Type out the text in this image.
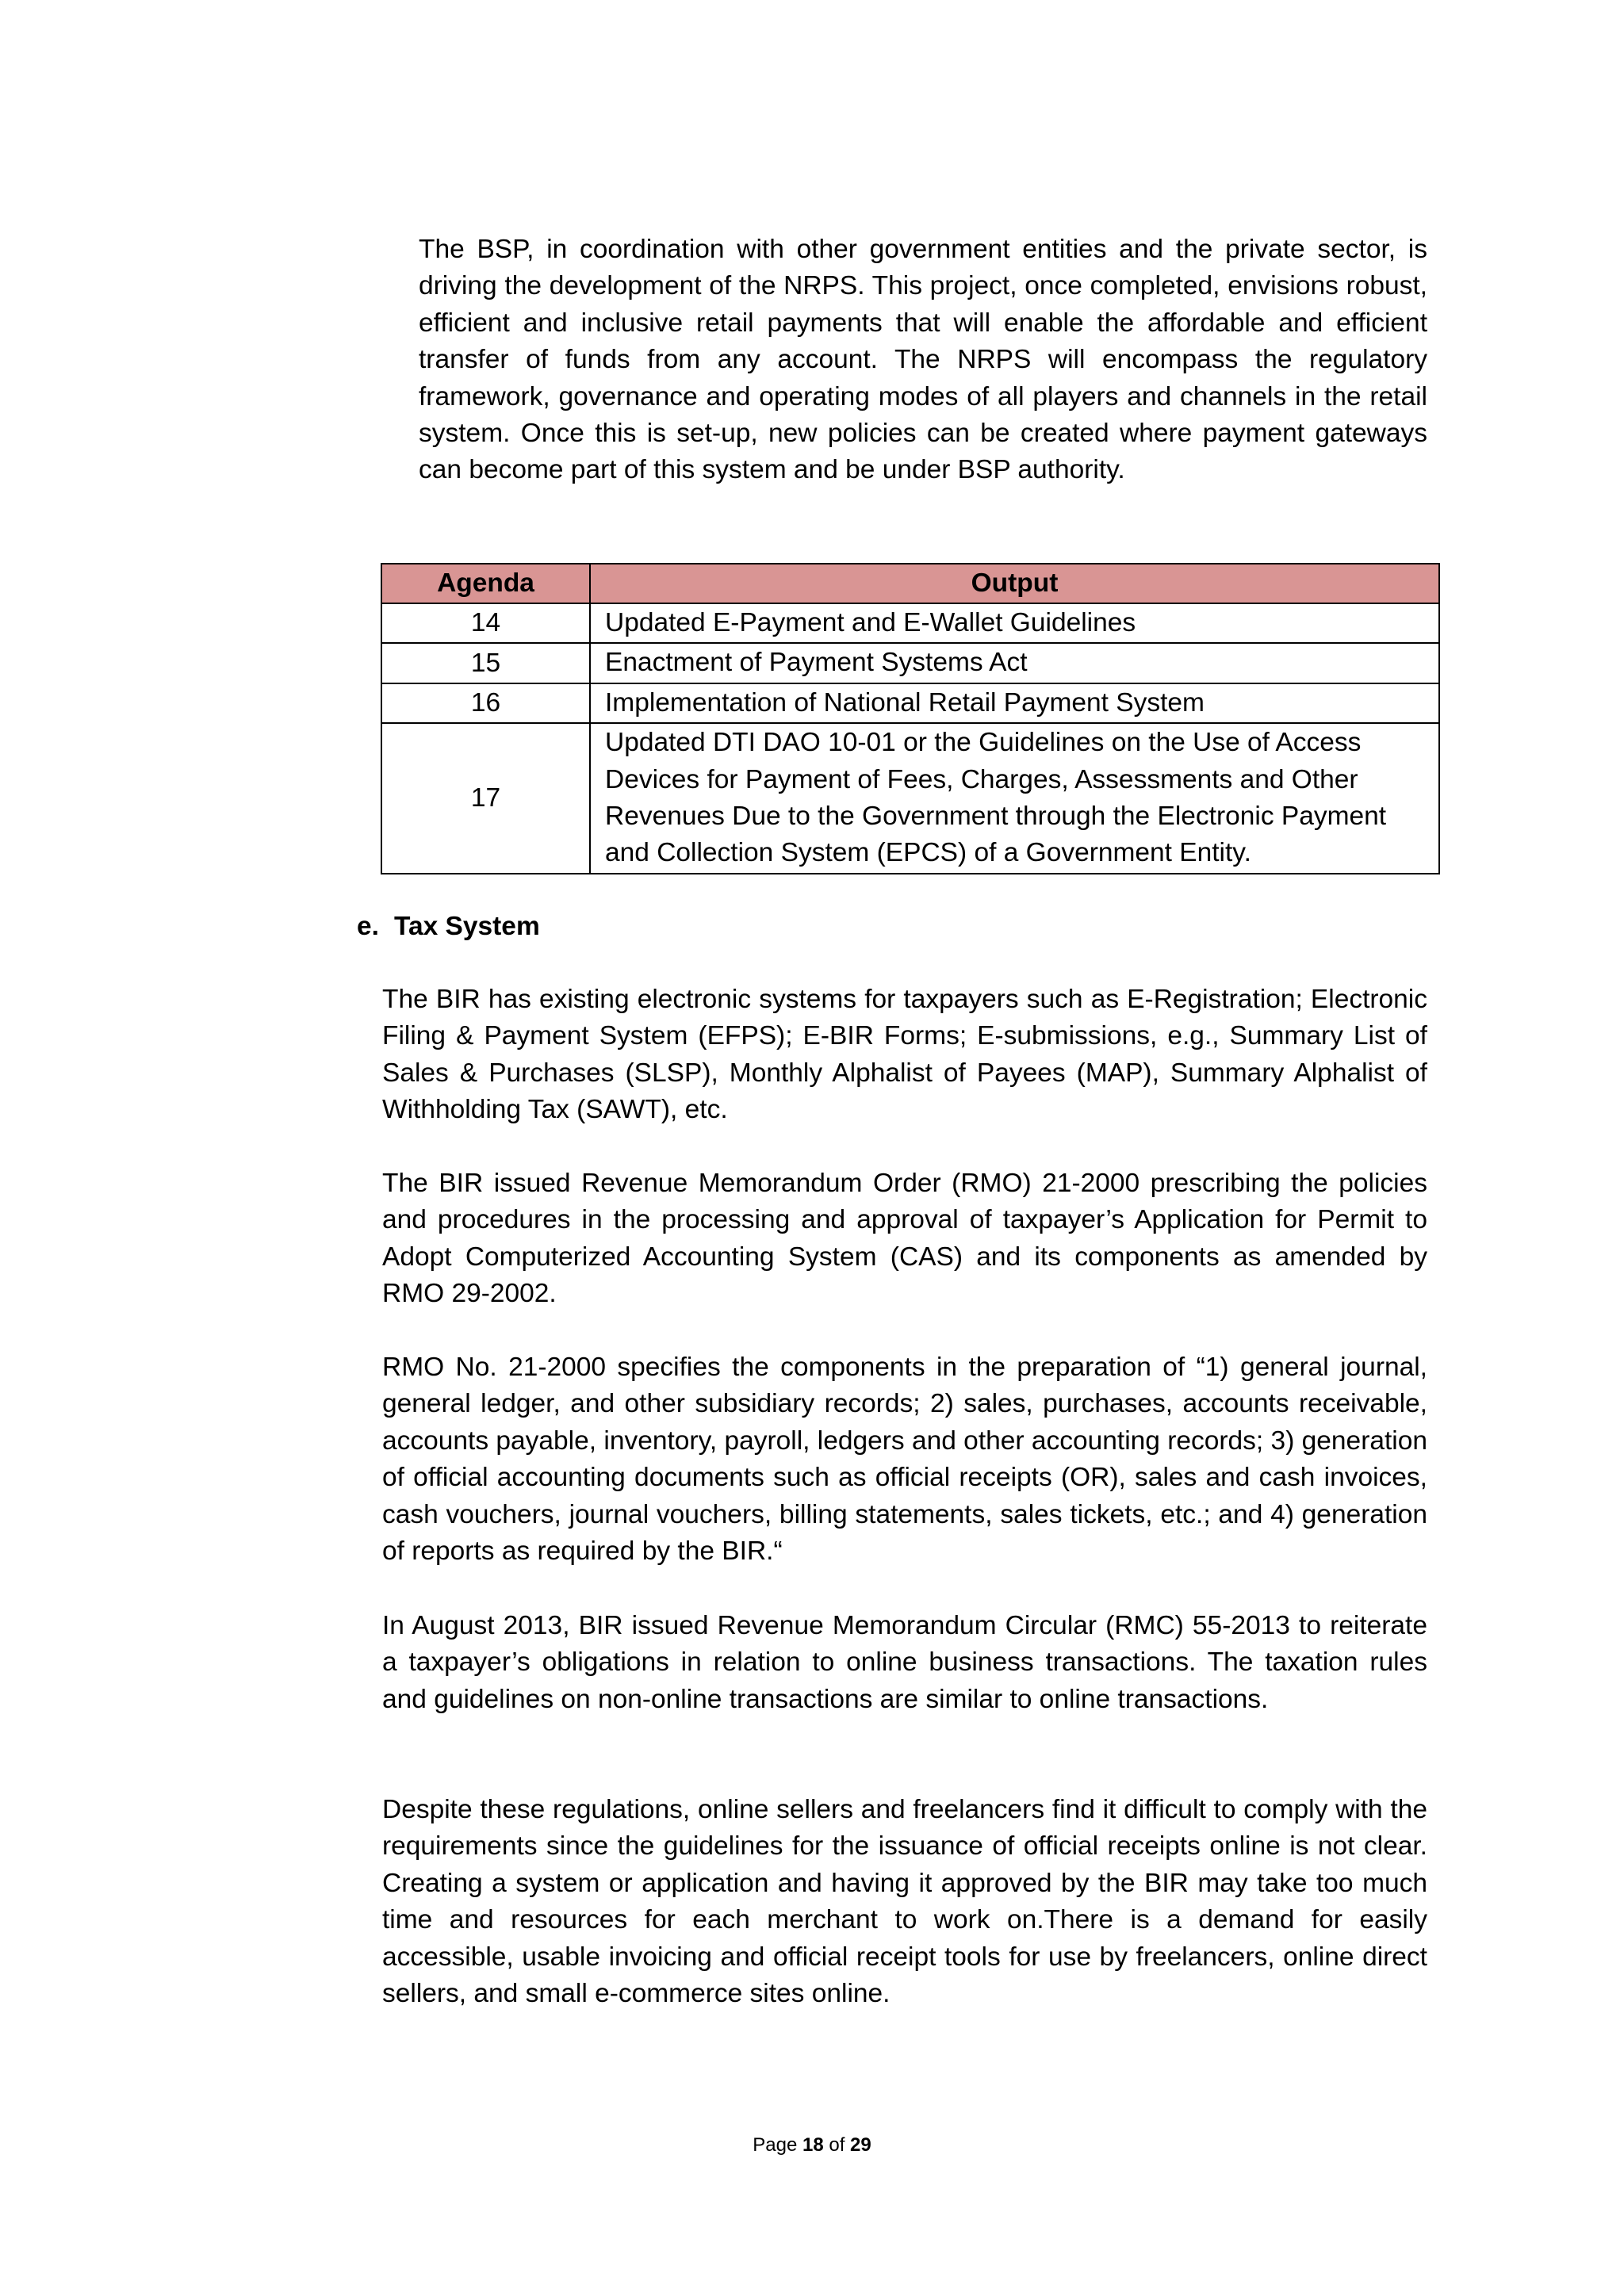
The BSP, in coordination with other government entities and the private sector, is driving the development of the NRPS. This project, once completed, envisions robust, efficient and inclusive retail payments that will enable the affordable and efficient transfer of funds from any account. The NRPS will encompass the regulatory framework, governance and operating modes of all players and channels in the retail system. Once this is set-up, new policies can be created where payment gateways can become part of this system and be under BSP authority.

Agenda	Output
14	Updated E-Payment and E-Wallet Guidelines
15	Enactment of Payment Systems Act
16	Implementation of National Retail Payment System
17	Updated DTI DAO 10-01 or the Guidelines on the Use of Access Devices for Payment of Fees, Charges, Assessments and Other Revenues Due to the Government through the Electronic Payment and Collection System (EPCS) of a Government Entity.
e. Tax System

The BIR has existing electronic systems for taxpayers such as E-Registration; Electronic Filing & Payment System (EFPS); E-BIR Forms; E-submissions, e.g., Summary List of Sales & Purchases (SLSP), Monthly Alphalist of Payees (MAP), Summary Alphalist of Withholding Tax (SAWT), etc.

The BIR issued Revenue Memorandum Order (RMO) 21-2000 prescribing the policies and procedures in the processing and approval of taxpayer’s Application for Permit to Adopt Computerized Accounting System (CAS) and its components as amended by RMO 29-2002.

RMO No. 21-2000 specifies the components in the preparation of “1) general journal, general ledger, and other subsidiary records; 2) sales, purchases, accounts receivable, accounts payable, inventory, payroll, ledgers and other accounting records; 3) generation of official accounting documents such as official receipts (OR), sales and cash invoices, cash vouchers, journal vouchers, billing statements, sales tickets, etc.; and 4) generation of reports as required by the BIR.“

In August 2013, BIR issued Revenue Memorandum Circular (RMC) 55-2013 to reiterate a taxpayer’s obligations in relation to online business transactions. The taxation rules and guidelines on non-online transactions are similar to online transactions.

Despite these regulations, online sellers and freelancers find it difficult to comply with the requirements since the guidelines for the issuance of official receipts online is not clear. Creating a system or application and having it approved by the BIR may take too much time and resources for each merchant to work on.There is a demand for easily accessible, usable invoicing and official receipt tools for use by freelancers, online direct sellers, and small e-commerce sites online.

Page 18 of 29
